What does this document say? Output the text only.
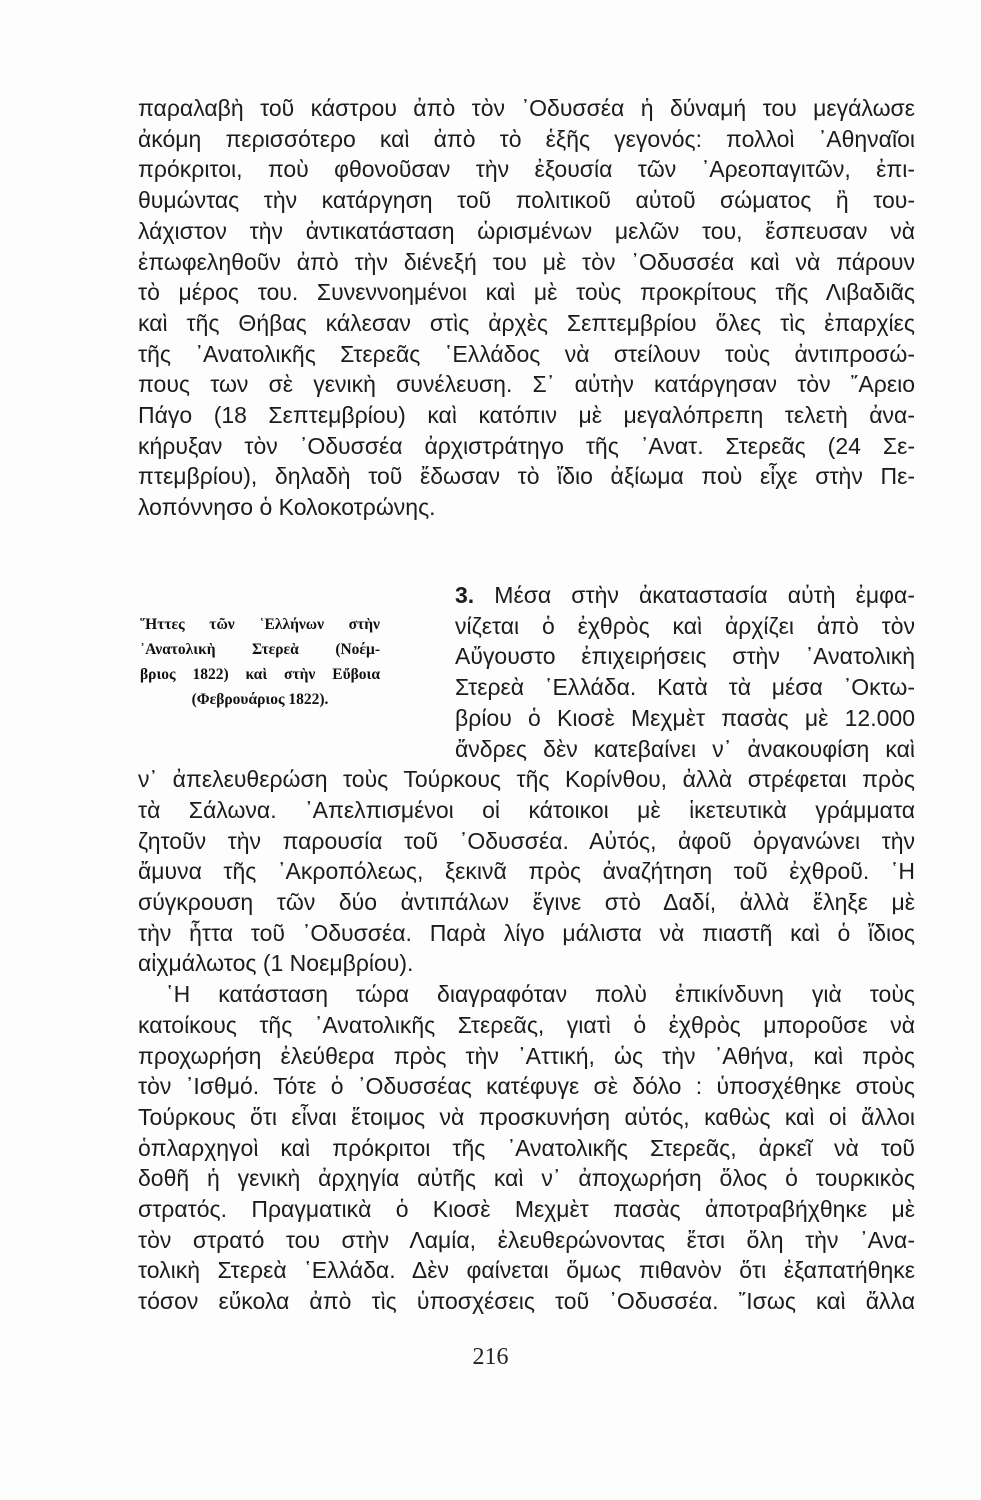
παραλαβὴ τοῦ κάστρου ἀπὸ τὸν ᾿Οδυσσέα ἡ δύναμή του μεγάλωσε
ἀκόμη περισσότερο καὶ ἀπὸ τὸ ἑξῆς γεγονός: πολλοὶ ᾿Αθηναῖοι
πρόκριτοι, ποὺ φθονοῦσαν τὴν ἐξουσία τῶν ᾿Αρεοπαγιτῶν, ἐπι-
θυμώντας τὴν κατάργηση τοῦ πολιτικοῦ αὐτοῦ σώματος ἢ του-
λάχιστον τὴν ἀντικατάσταση ὡρισμένων μελῶν του, ἔσπευσαν νὰ
ἐπωφεληθοῦν ἀπὸ τὴν διένεξή του μὲ τὸν ᾿Οδυσσέα καὶ νὰ πάρουν
τὸ μέρος του. Συνεννοημένοι καὶ μὲ τοὺς προκρίτους τῆς Λιβαδιᾶς
καὶ τῆς Θήβας κάλεσαν στὶς ἀρχὲς Σεπτεμβρίου ὅλες τὶς ἐπαρχίες
τῆς ᾿Ανατολικῆς Στερεᾶς ῾Ελλάδος νὰ στείλουν τοὺς ἀντιπροσώ-
πους των σὲ γενικὴ συνέλευση. Σ᾿ αὐτὴν κατάργησαν τὸν ῎Αρειο
Πάγο (18 Σεπτεμβρίου) καὶ κατόπιν μὲ μεγαλόπρεπη τελετὴ ἀνα-
κήρυξαν τὸν ᾿Οδυσσέα ἀρχιστράτηγο τῆς ᾿Ανατ. Στερεᾶς (24 Σε-
πτεμβρίου), δηλαδὴ τοῦ ἔδωσαν τὸ ἴδιο ἀξίωμα ποὺ εἶχε στὴν Πε-
λοπόννησο ὁ Κολοκοτρώνης.
3. Μέσα στὴν ἀκαταστασία αὐτὴ ἐμφα-
νίζεται ὁ ἐχθρὸς καὶ ἀρχίζει ἀπὸ τὸν
Αὔγουστο ἐπιχειρήσεις στὴν ᾿Ανατολικὴ
Στερεὰ ῾Ελλάδα. Κατὰ τὰ μέσα ᾿Οκτω-
βρίου ὁ Κιοσὲ Μεχμὲτ πασὰς μὲ 12.000
ἄνδρες δὲν κατεβαίνει ν᾿ ἀνακουφίση καὶ
ν᾿ ἀπελευθερώση τοὺς Τούρκους τῆς Κορίνθου, ἀλλὰ στρέφεται πρὸς
τὰ Σάλωνα. ᾿Απελπισμένοι οἱ κάτοικοι μὲ ἱκετευτικὰ γράμματα
ζητοῦν τὴν παρουσία τοῦ ᾿Οδυσσέα. Αὐτός, ἀφοῦ ὀργανώνει τὴν
ἄμυνα τῆς ᾿Ακροπόλεως, ξεκινᾶ πρὸς ἀναζήτηση τοῦ ἐχθροῦ. ῾Η
σύγκρουση τῶν δύο ἀντιπάλων ἔγινε στὸ Δαδί, ἀλλὰ ἔληξε μὲ
τὴν ἧττα τοῦ ᾿Οδυσσέα. Παρὰ λίγο μάλιστα νὰ πιαστῆ καὶ ὁ ἴδιος
αἰχμάλωτος (1 Νοεμβρίου).
῾Η κατάσταση τώρα διαγραφόταν πολὺ ἐπικίνδυνη γιὰ τοὺς
κατοίκους τῆς ᾿Ανατολικῆς Στερεᾶς, γιατὶ ὁ ἐχθρὸς μποροῦσε νὰ
προχωρήση ἐλεύθερα πρὸς τὴν ᾿Αττική, ὡς τὴν ᾿Αθήνα, καὶ πρὸς
τὸν ᾿Ισθμό. Τότε ὁ ᾿Οδυσσέας κατέφυγε σὲ δόλο : ὑποσχέθηκε στοὺς
Τούρκους ὅτι εἶναι ἕτοιμος νὰ προσκυνήση αὐτός, καθὼς καὶ οἱ ἄλλοι
ὁπλαρχηγοὶ καὶ πρόκριτοι τῆς ᾿Ανατολικῆς Στερεᾶς, ἀρκεῖ νὰ τοῦ
δοθῆ ἡ γενικὴ ἀρχηγία αὐτῆς καὶ ν᾿ ἀποχωρήση ὅλος ὁ τουρκικὸς
στρατός. Πραγματικὰ ὁ Κιοσὲ Μεχμὲτ πασὰς ἀποτραβήχθηκε μὲ
τὸν στρατό του στὴν Λαμία, ἐλευθερώνοντας ἔτσι ὅλη τὴν ᾿Ανα-
τολικὴ Στερεὰ ῾Ελλάδα. Δὲν φαίνεται ὅμως πιθανὸν ὅτι ἐξαπατήθηκε
τόσον εὔκολα ἀπὸ τὶς ὑποσχέσεις τοῦ ᾿Οδυσσέα. ῎Ισως καὶ ἄλλα
῞Ηττες τῶν ῾Ελλήνων στὴν
᾿Ανατολικὴ Στερεὰ (Νοέμ-
βριος 1822) καὶ στὴν Εὔβοια
(Φεβρουάριος 1822).
216
